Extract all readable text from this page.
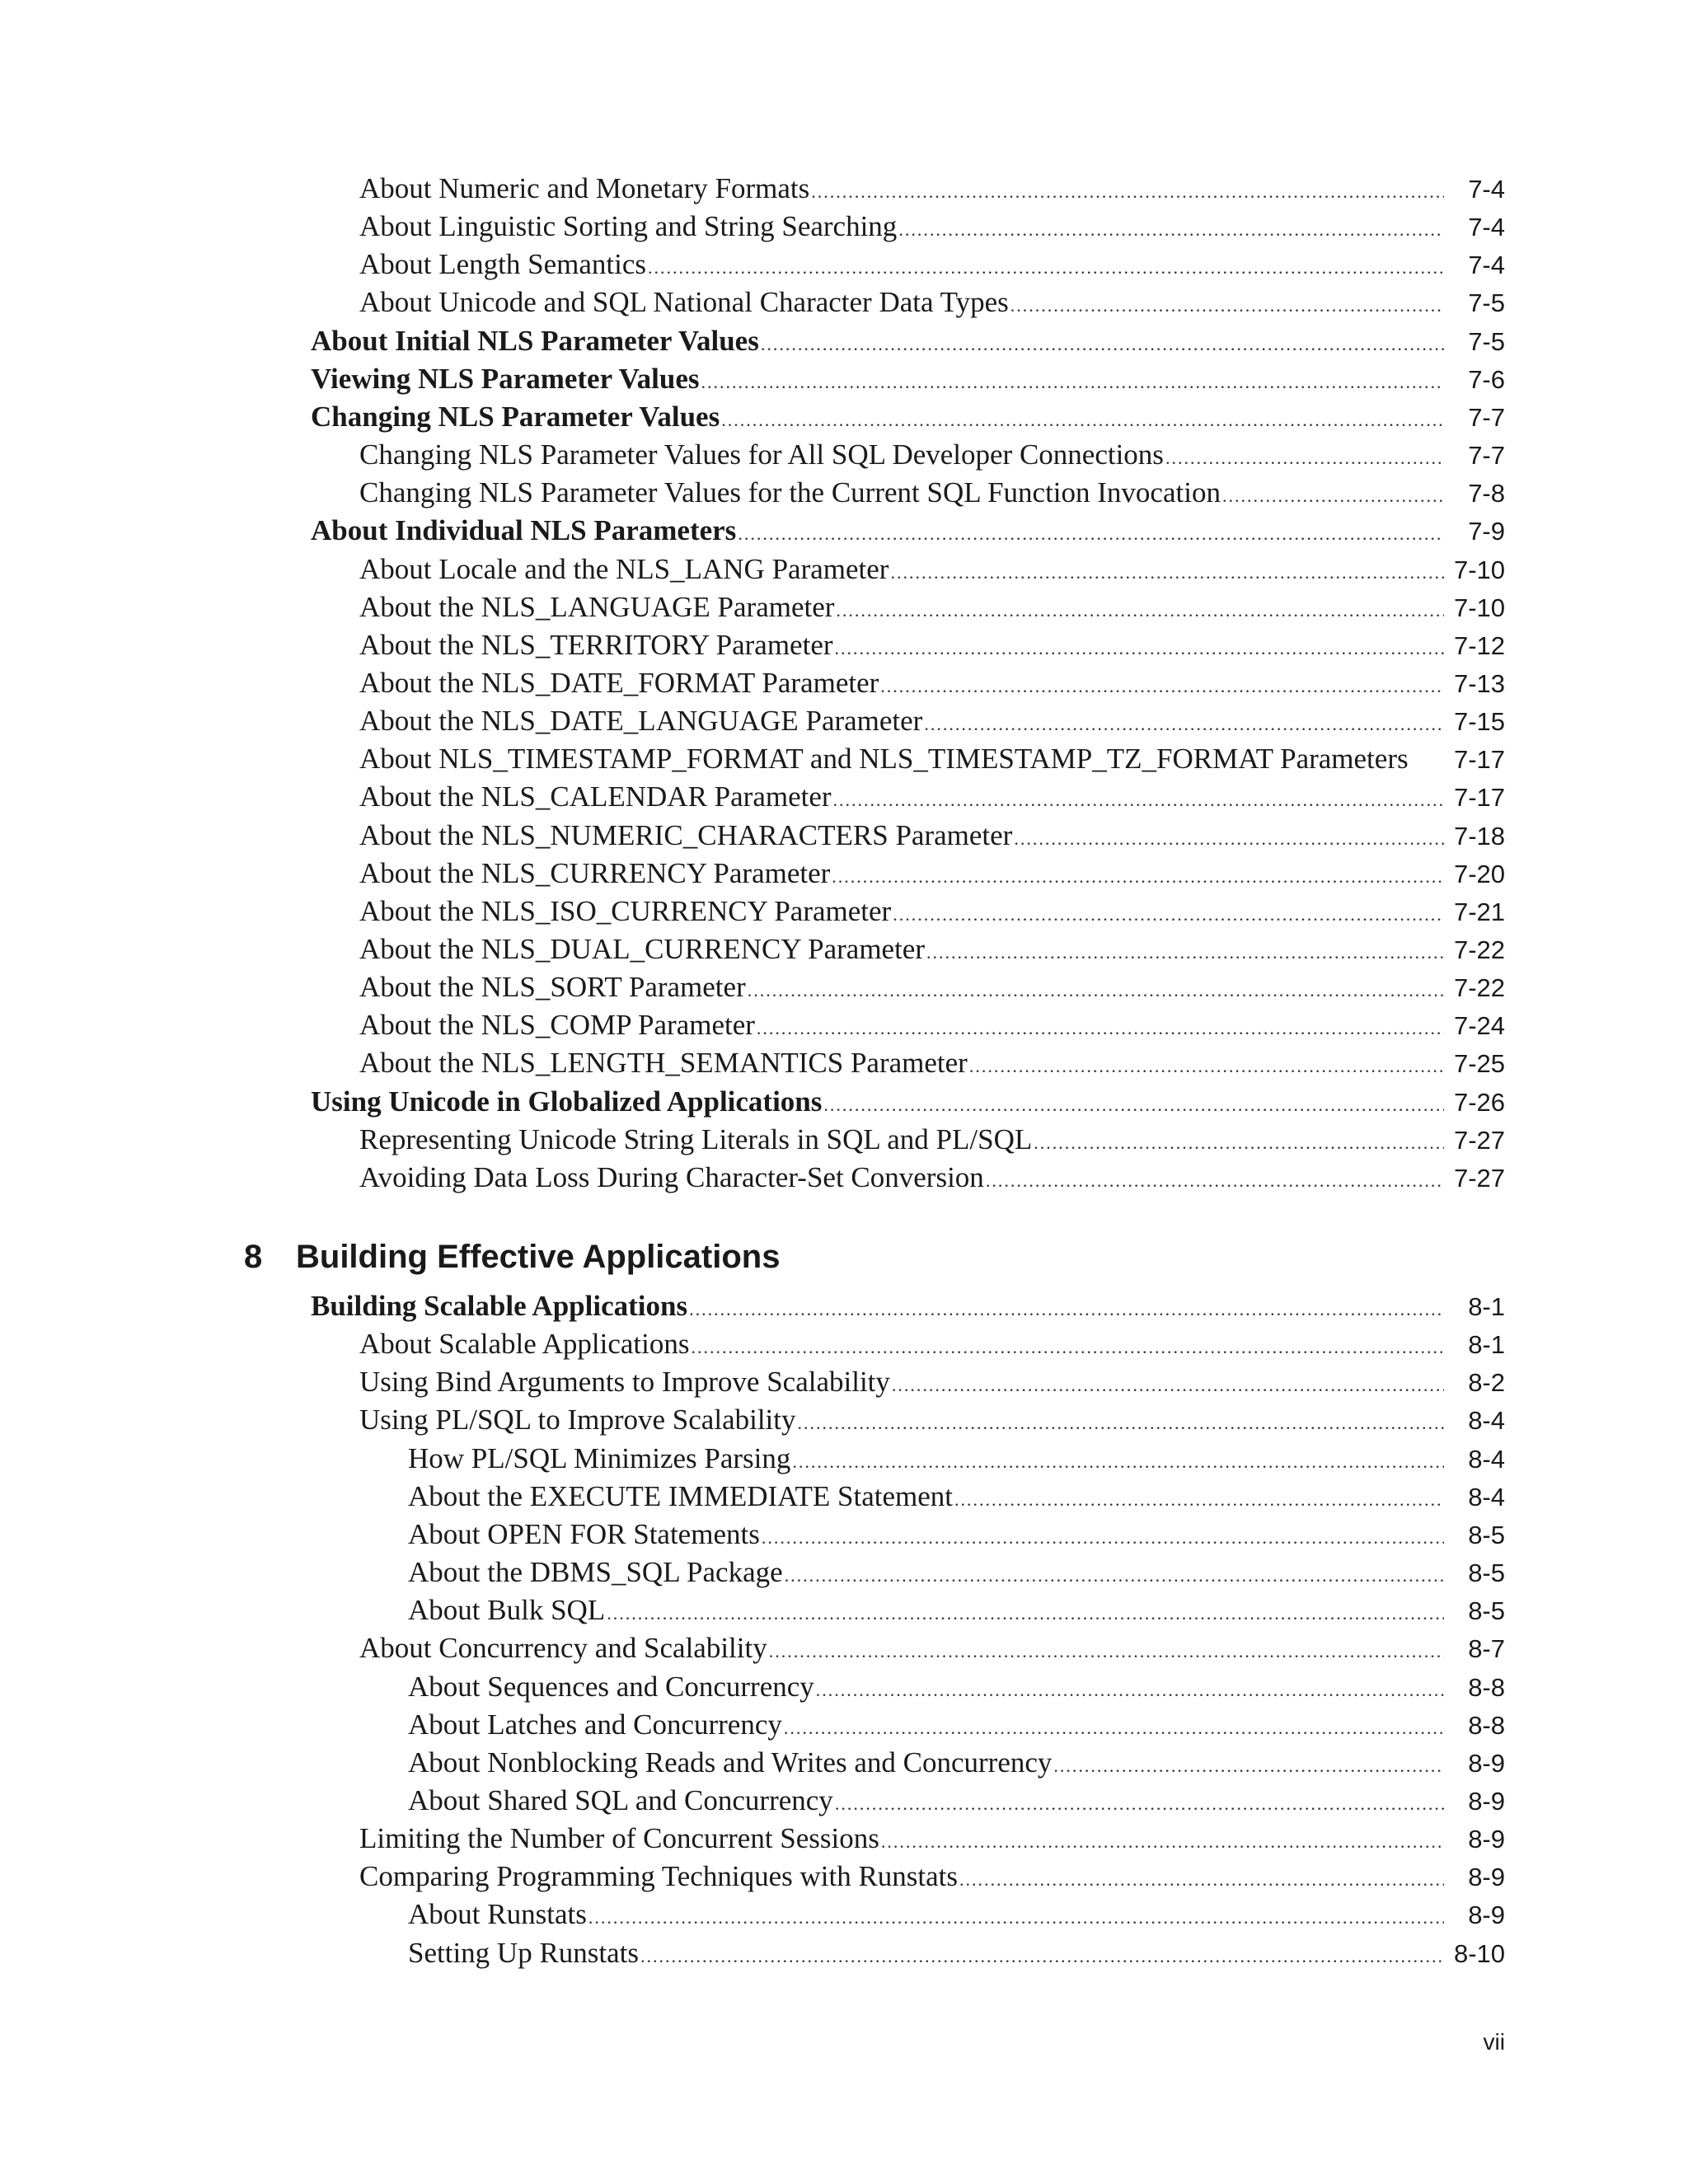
About Numeric and Monetary Formats .....	7-4
About Linguistic Sorting and String Searching .....	7-4
About Length Semantics .....	7-4
About Unicode and SQL National Character Data Types .....	7-5
About Initial NLS Parameter Values .....	7-5
Viewing NLS Parameter Values .....	7-6
Changing NLS Parameter Values .....	7-7
Changing NLS Parameter Values for All SQL Developer Connections .....	7-7
Changing NLS Parameter Values for the Current SQL Function Invocation .....	7-8
About Individual NLS Parameters .....	7-9
About Locale and the NLS_LANG Parameter .....	7-10
About the NLS_LANGUAGE Parameter .....	7-10
About the NLS_TERRITORY Parameter .....	7-12
About the NLS_DATE_FORMAT Parameter .....	7-13
About the NLS_DATE_LANGUAGE Parameter .....	7-15
About NLS_TIMESTAMP_FORMAT and NLS_TIMESTAMP_TZ_FORMAT Parameters 7-17
About the NLS_CALENDAR Parameter .....	7-17
About the NLS_NUMERIC_CHARACTERS Parameter .....	7-18
About the NLS_CURRENCY Parameter .....	7-20
About the NLS_ISO_CURRENCY Parameter .....	7-21
About the NLS_DUAL_CURRENCY Parameter .....	7-22
About the NLS_SORT Parameter .....	7-22
About the NLS_COMP Parameter .....	7-24
About the NLS_LENGTH_SEMANTICS Parameter .....	7-25
Using Unicode in Globalized Applications .....	7-26
Representing Unicode String Literals in SQL and PL/SQL .....	7-27
Avoiding Data Loss During Character-Set Conversion .....	7-27
8 Building Effective Applications
Building Scalable Applications .....	8-1
About Scalable Applications .....	8-1
Using Bind Arguments to Improve Scalability .....	8-2
Using PL/SQL to Improve Scalability .....	8-4
How PL/SQL Minimizes Parsing .....	8-4
About the EXECUTE IMMEDIATE Statement .....	8-4
About OPEN FOR Statements .....	8-5
About the DBMS_SQL Package .....	8-5
About Bulk SQL .....	8-5
About Concurrency and Scalability .....	8-7
About Sequences and Concurrency .....	8-8
About Latches and Concurrency .....	8-8
About Nonblocking Reads and Writes and Concurrency .....	8-9
About Shared SQL and Concurrency .....	8-9
Limiting the Number of Concurrent Sessions .....	8-9
Comparing Programming Techniques with Runstats .....	8-9
About Runstats .....	8-9
Setting Up Runstats .....	8-10
vii
